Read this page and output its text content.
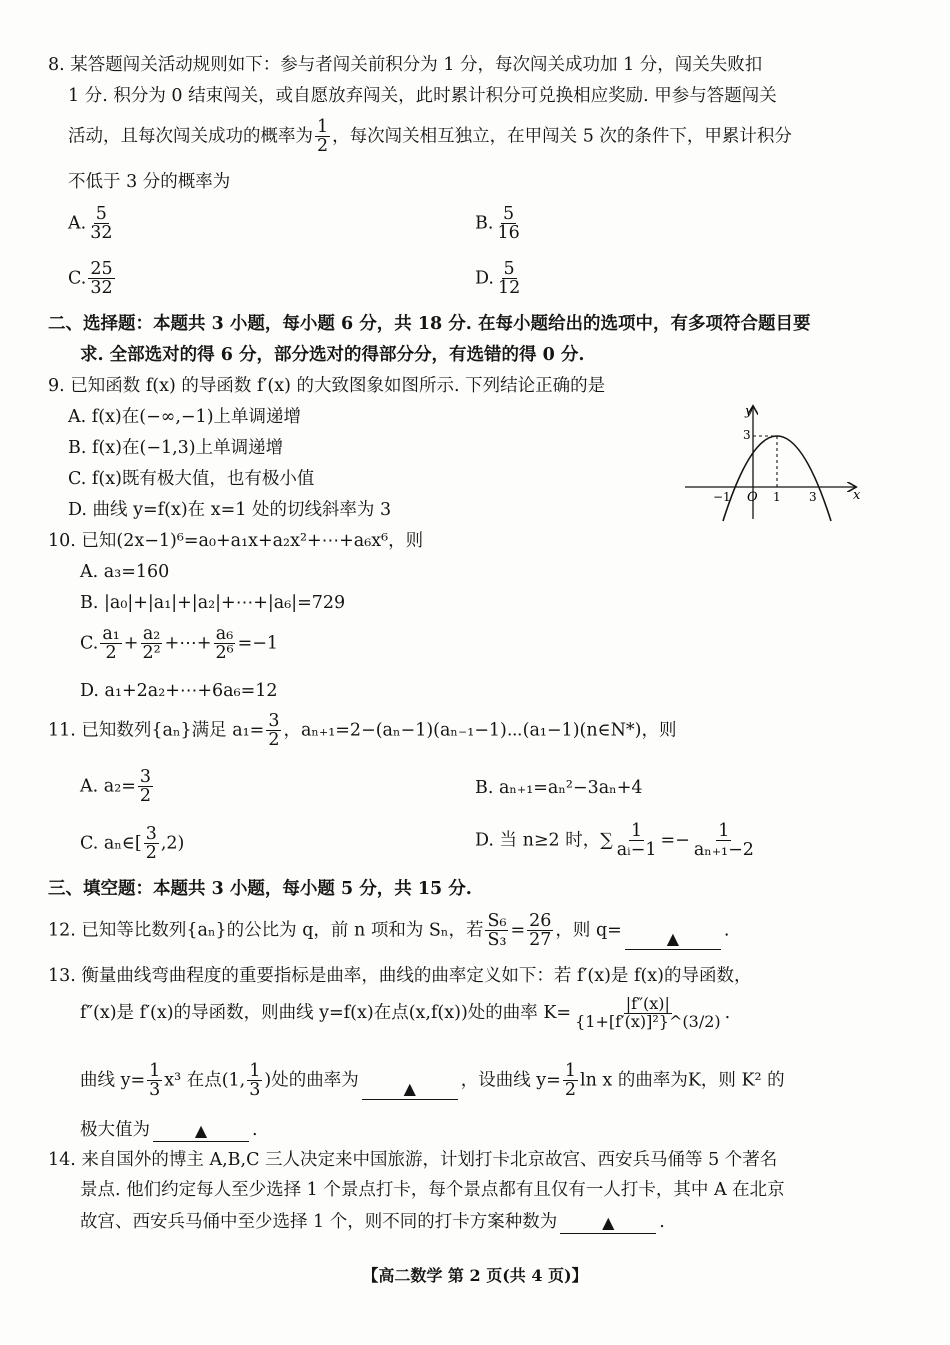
8. 某答题闯关活动规则如下：参与者闯关前积分为 1 分，每次闯关成功加 1 分，闯关失败扣
1 分. 积分为 0 结束闯关，或自愿放弃闯关，此时累计积分可兑换相应奖励. 甲参与答题闯关
活动，且每次闯关成功的概率为 $\frac{1}{2}$ ，每次闯关相互独立，在甲闯关 5 次的条件下，甲累计积分
不低于 3 分的概率为
A. $\frac{5}{32}$	B. $\frac{5}{16}$
C. $\frac{25}{32}$	D. $\frac{5}{12}$
二、选择题：本题共 3 小题，每小题 6 分，共 18 分. 在每小题给出的选项中，有多项符合题目要
求. 全部选对的得 6 分，部分选对的得部分分，有选错的得 0 分.
9. 已知函数 f(x) 的导函数 f′(x) 的大致图象如图所示. 下列结论正确的是
A. f(x)在(−∞,−1)上单调递增
B. f(x)在(−1,3)上单调递增
C. f(x)既有极大值，也有极小值
D. 曲线 y=f(x)在 x=1 处的切线斜率为 3
y
x
O
−1	1 3
3
10. 已知(2x−1)⁶=a₀+a₁x+a₂x²+⋯+a₆x⁶，则
A. a₃=160
B. |a₀|+|a₁|+|a₂|+⋯+|a₆|=729
C. $\frac{\text{a₁}}{2} + \frac{\text{a₂}}{\text{2²}}$ +⋯+ $\frac{\text{a₆}}{\text{2⁶}} =-1$
D. a₁+2a₂+⋯+6a₆=12
11. 已知数列{aₙ}满足 $a_1= \frac{3}{2}$ ，aₙ₊₁=2−(aₙ−1)(aₙ₋₁−1)⋯(a₁−1)(n∈N*)，则
A. $a_2= \frac{3}{2}$	B. aₙ₊₁=aₙ²−3aₙ+4
C. aₙ∈[ $\frac{3}{2} ,2$)	D. 当 n≥2 时，∑ $\frac{1}{\text{aᵢ−1}} =- \frac{1}{\text{aₙ₊₁−2}}$
三、填空题：本题共 3 小题，每小题 5 分，共 15 分.
12. 已知等比数列{aₙ}的公比为 q，前 n 项和为 Sₙ，若 $\frac{\text{S₆}}{\text{S₃}} = \frac{26}{27}$ ，则 q=	▲	.
13. 衡量曲线弯曲程度的重要指标是曲率，曲线的曲率定义如下：若 f′(x)是 f(x)的导函数，
f″(x)是 f′(x)的导函数，则曲线 y=f(x)在点(x,f(x))处的曲率 $K= \frac{|f''(x)|}{\text{\{1+[f′(x)]²\}\textasciicircum{}(3/2)}}$ .
曲线 $y= \frac{1}{3} x^3$ 在点(1, $\frac{1}{3}$ )处的曲率为	▲	，设曲线 $y= \frac{1}{2}$ ln x 的曲率为K，则 K² 的
极大值为	▲	.
14. 来自国外的博主 A,B,C 三人决定来中国旅游，计划打卡北京故宫、西安兵马俑等 5 个著名
景点. 他们约定每人至少选择 1 个景点打卡，每个景点都有且仅有一人打卡，其中 A 在北京
故宫、西安兵马俑中至少选择 1 个，则不同的打卡方案种数为	▲	.
【高二数学 第 2 页(共 4 页)】
